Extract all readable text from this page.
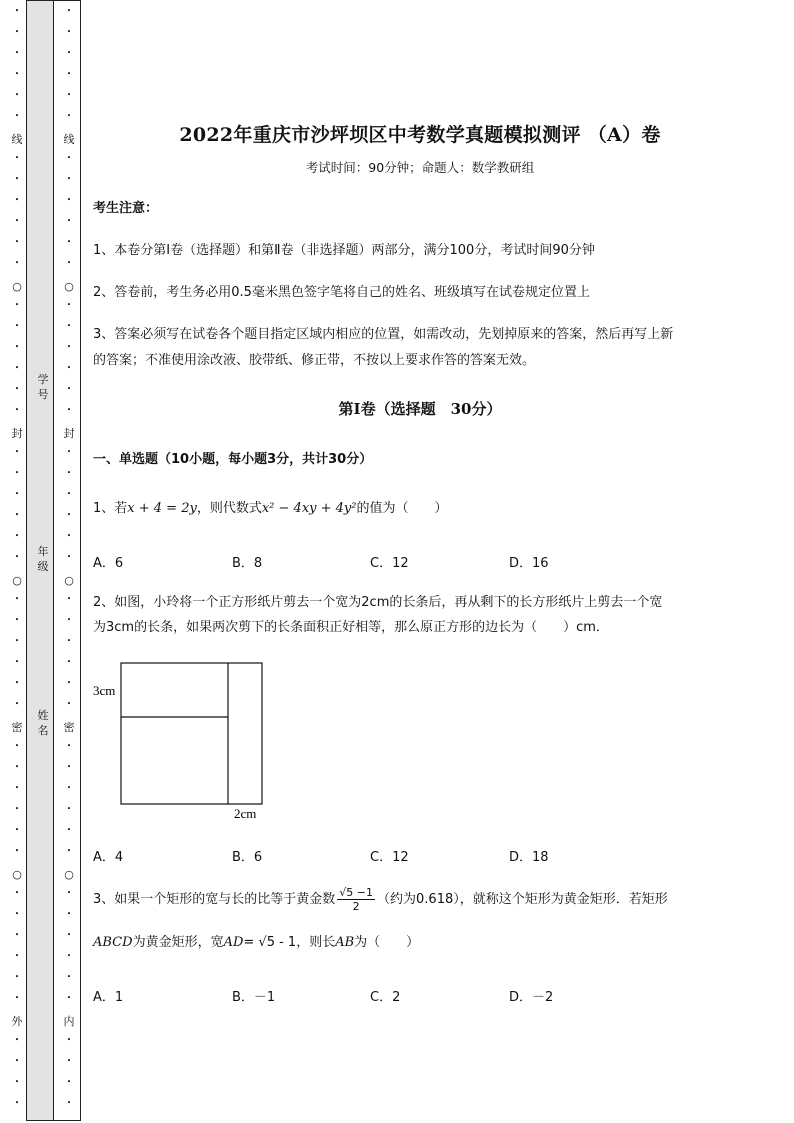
•
•
•
•
•
•
线
•
•
•
•
•
•
○
•
•
•
•
•
•
封
•
•
•
•
•
•
○
•
•
•
•
•
•
密
•
•
•
•
•
•
○
•
•
•
•
•
•
外
•
•
•
•
•
•
•
•
•
•
线
•
•
•
•
•
•
○
•
•
•
•
•
•
封
•
•
•
•
•
•
○
•
•
•
•
•
•
密
•
•
•
•
•
•
○
•
•
•
•
•
•
内
•
•
•
•
学号
年级
姓名
2022年重庆市沙坪坝区中考数学真题模拟测评 （A）卷
考试时间：90分钟；命题人：数学教研组
考生注意：
1、本卷分第Ⅰ卷（选择题）和第Ⅱ卷（非选择题）两部分，满分100分，考试时间90分钟
2、答卷前，考生务必用0.5毫米黑色签字笔将自己的姓名、班级填写在试卷规定位置上
3、答案必须写在试卷各个题目指定区域内相应的位置，如需改动，先划掉原来的答案，然后再写上新
的答案；不准使用涂改液、胶带纸、修正带，不按以上要求作答的答案无效。
第Ⅰ卷（选择题　30分）
一、单选题（10小题，每小题3分，共计30分）
1、若x + 4 = 2y，则代数式x² − 4xy + 4y²的值为（　　）
A．6	B．8	C．12	D．16
2、如图，小玲将一个正方形纸片剪去一个宽为2cm的长条后，再从剩下的长方形纸片上剪去一个宽
为3cm的长条，如果两次剪下的长条面积正好相等，那么原正方形的边长为（　　）cm．
3cm
2cm
A．4	B．6	C．12	D．18
3、如果一个矩形的宽与长的比等于黄金数 $\frac{√5 -1}{2}$ （约为0.618），就称这个矩形为黄金矩形．若矩形
ABCD为黄金矩形，宽AD= √5 - 1，则长AB为（　　）
A．1	B．－1	C．2	D．－2
